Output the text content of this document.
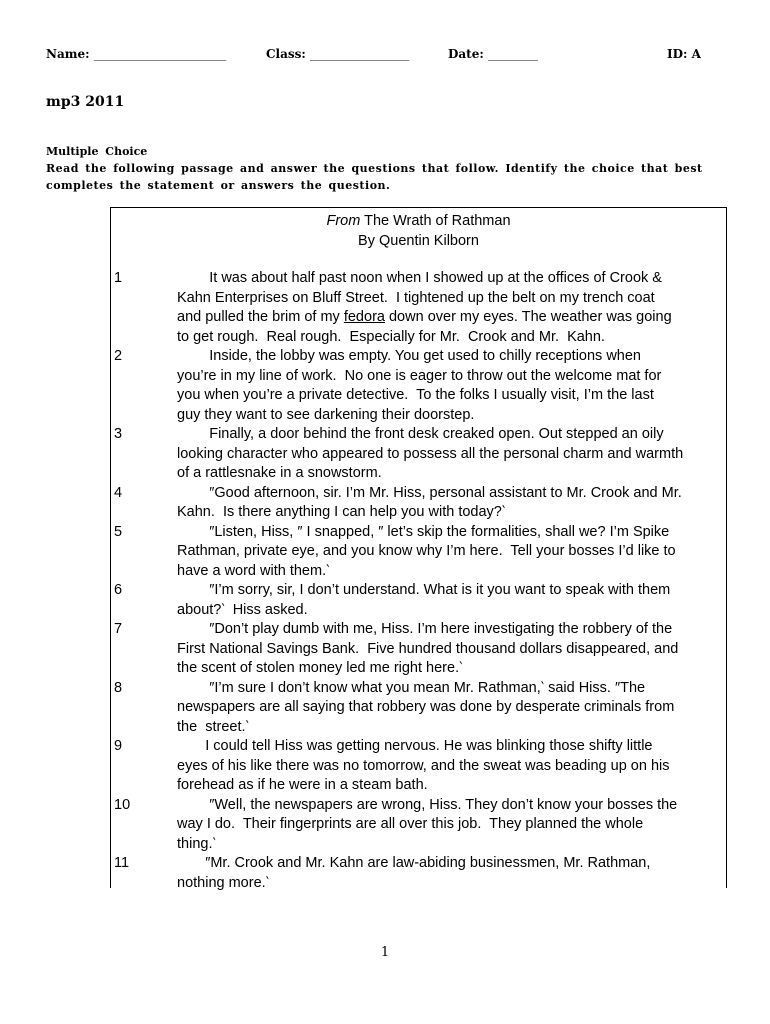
Name: ________________________	Class: __________________	Date: _________	ID: A
mp3 2011
Multiple Choice
Read the following passage and answer the questions that follow. Identify the choice that best
completes the statement or answers the question.
From The Wrath of Rathman
By Quentin Kilborn
1	It was about half past noon when I showed up at the offices of Crook &
Kahn Enterprises on Bluff Street.  I tightened up the belt on my trench coat
and pulled the brim of my fedora down over my eyes. The weather was going
to get rough.  Real rough.  Especially for Mr.  Crook and Mr.  Kahn.
2	Inside, the lobby was empty. You get used to chilly receptions when
you’re in my line of work.  No one is eager to throw out the welcome mat for
you when you’re a private detective.  To the folks I usually visit, I’m the last
guy they want to see darkening their doorstep.
3	Finally, a door behind the front desk creaked open. Out stepped an oily
looking character who appeared to possess all the personal charm and warmth
of a rattlesnake in a snowstorm.
4	″Good afternoon, sir. I’m Mr. Hiss, personal assistant to Mr. Crook and Mr.
Kahn.  Is there anything I can help you with today?‵
5	″Listen, Hiss, ″ I snapped, ″ let’s skip the formalities, shall we? I’m Spike
Rathman, private eye, and you know why I’m here.  Tell your bosses I’d like to
have a word with them.‵
6	″I’m sorry, sir, I don’t understand. What is it you want to speak with them
about?‵  Hiss asked.
7	″Don’t play dumb with me, Hiss. I’m here investigating the robbery of the
First National Savings Bank.  Five hundred thousand dollars disappeared, and
the scent of stolen money led me right here.‵
8	″I’m sure I don’t know what you mean Mr. Rathman,‵ said Hiss. ″The
newspapers are all saying that robbery was done by desperate criminals from
the  street.‵
9	I could tell Hiss was getting nervous. He was blinking those shifty little
eyes of his like there was no tomorrow, and the sweat was beading up on his
forehead as if he were in a steam bath.
10	″Well, the newspapers are wrong, Hiss. They don’t know your bosses the
way I do.  Their fingerprints are all over this job.  They planned the whole
thing.‵
11	″Mr. Crook and Mr. Kahn are law-abiding businessmen, Mr. Rathman,
nothing more.‵
1
